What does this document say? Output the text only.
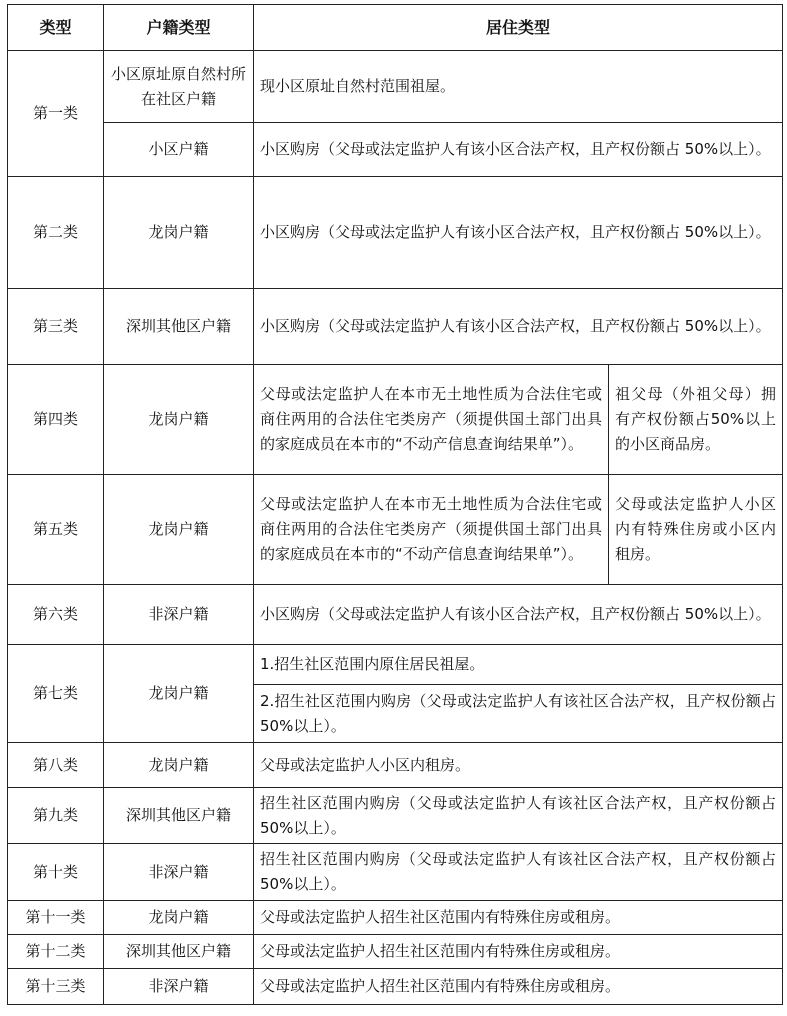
类型	户籍类型	居住类型	
第一类	小区原址原自然村所在社区户籍	现小区原址自然村范围祖屋。	
	小区户籍	小区购房（父母或法定监护人有该小区合法产权，且产权份额占 50%以上）。	
第二类	龙岗户籍	小区购房（父母或法定监护人有该小区合法产权，且产权份额占 50%以上）。	
第三类	深圳其他区户籍	小区购房（父母或法定监护人有该小区合法产权，且产权份额占 50%以上）。	
第四类	龙岗户籍	父母或法定监护人在本市无土地性质为合法住宅或商住两用的合法住宅类房产（须提供国土部门出具的家庭成员在本市的“不动产信息查询结果单”）。	祖父母（外祖父母）拥有产权份额占50%以上的小区商品房。
第五类	龙岗户籍	父母或法定监护人在本市无土地性质为合法住宅或商住两用的合法住宅类房产（须提供国土部门出具的家庭成员在本市的“不动产信息查询结果单”）。	父母或法定监护人小区内有特殊住房或小区内租房。
第六类	非深户籍	小区购房（父母或法定监护人有该小区合法产权，且产权份额占 50%以上）。	
第七类	龙岗户籍	1.招生社区范围内原住居民祖屋。	
		2.招生社区范围内购房（父母或法定监护人有该社区合法产权，且产权份额占 50%以上）。	
第八类	龙岗户籍	父母或法定监护人小区内租房。	
第九类	深圳其他区户籍	招生社区范围内购房（父母或法定监护人有该社区合法产权，且产权份额占 50%以上）。	
第十类	非深户籍	招生社区范围内购房（父母或法定监护人有该社区合法产权，且产权份额占 50%以上）。	
第十一类	龙岗户籍	父母或法定监护人招生社区范围内有特殊住房或租房。	
第十二类	深圳其他区户籍	父母或法定监护人招生社区范围内有特殊住房或租房。	
第十三类	非深户籍	父母或法定监护人招生社区范围内有特殊住房或租房。	
